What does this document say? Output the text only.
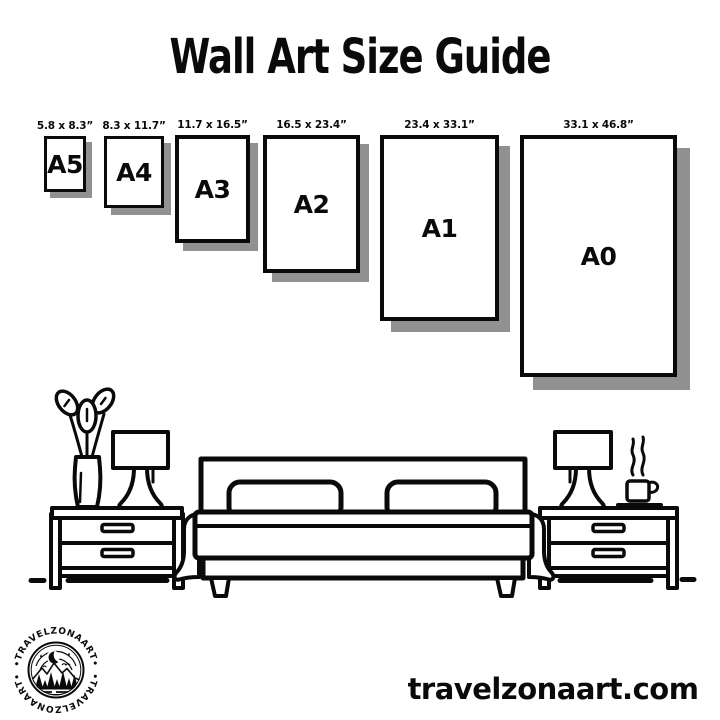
Wall Art Size Guide
A5
5.8 x 8.3”
A4
8.3 x 11.7”
A3
11.7 x 16.5”
A2
16.5 x 23.4”
A1
23.4 x 33.1”
A0
33.1 x 46.8”
•TRAVELZONAART•
•TRAVELZONAART•	travelzonaart.com
